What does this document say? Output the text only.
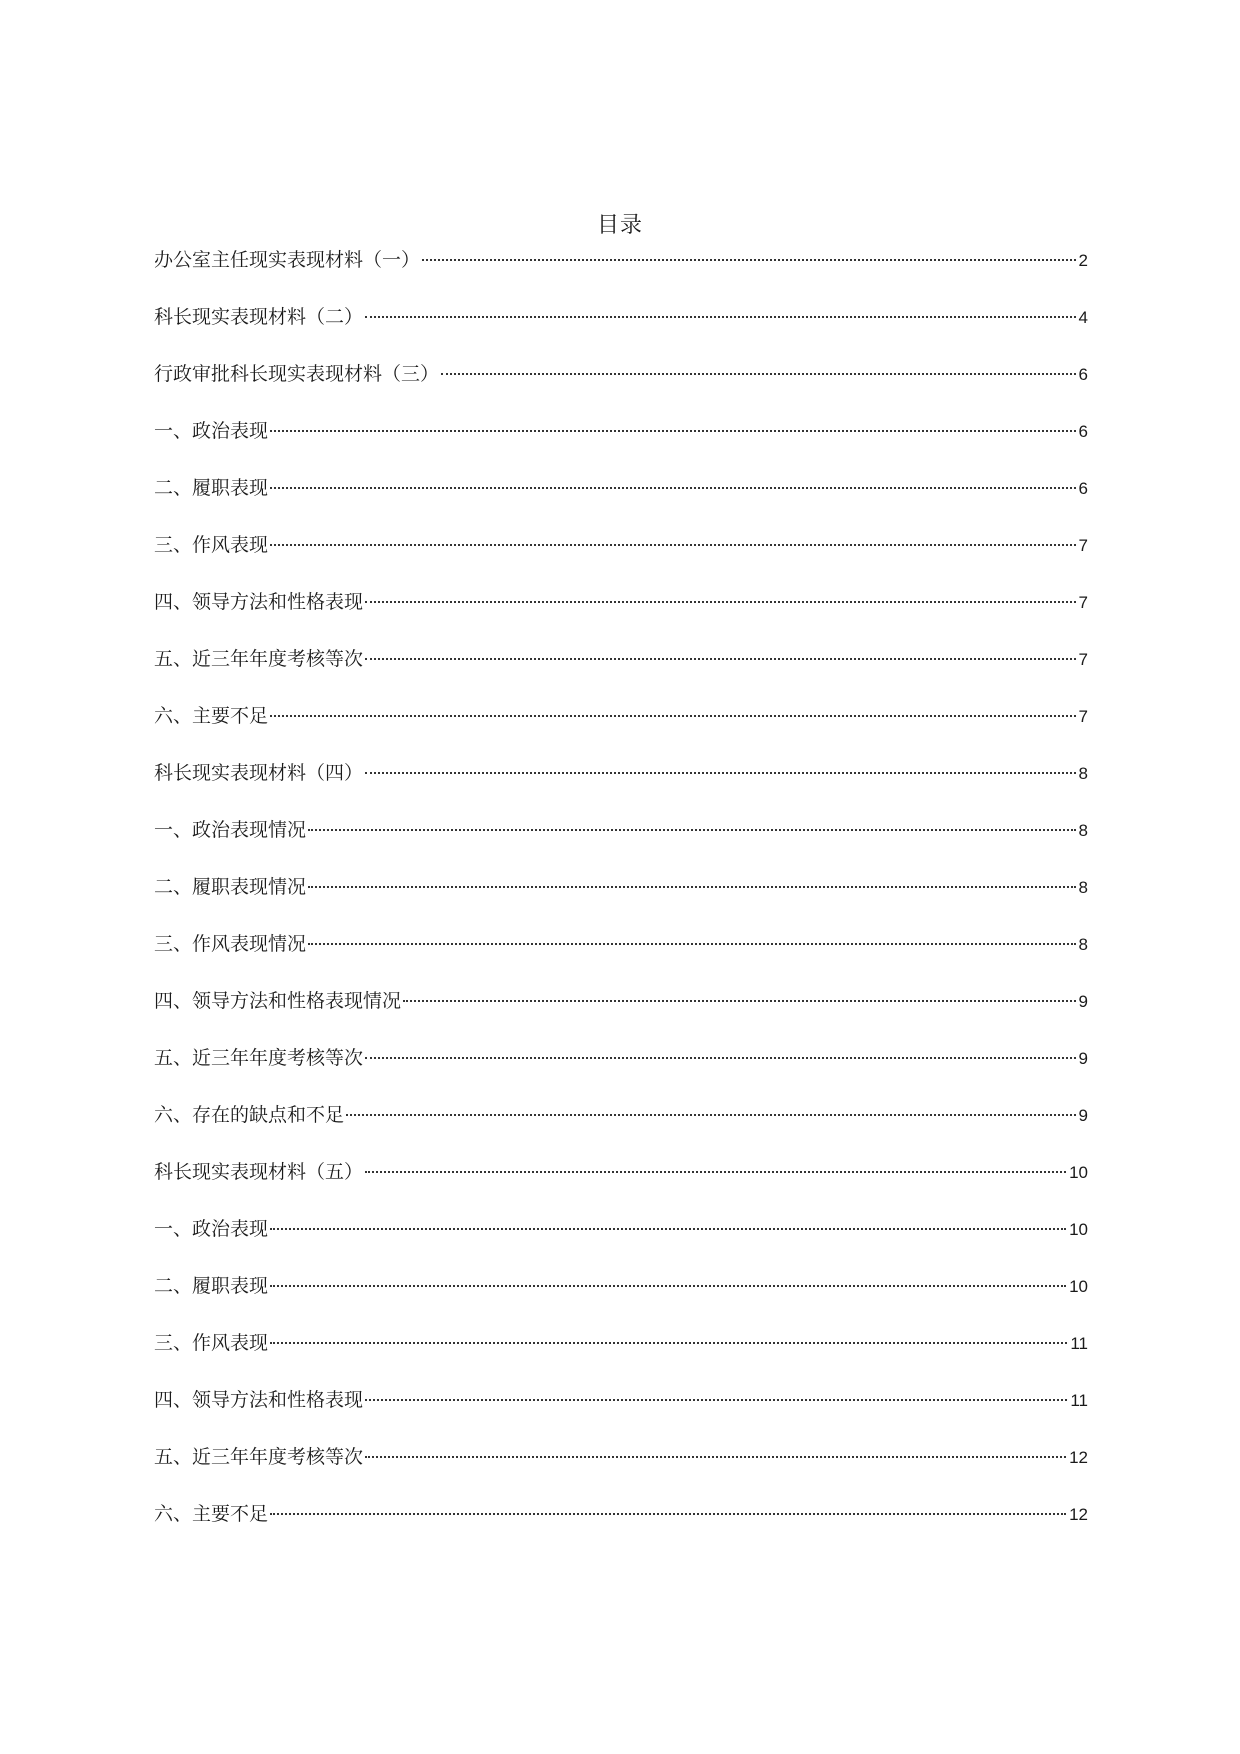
目录
办公室主任现实表现材料（一）	2
科长现实表现材料（二）	4
行政审批科长现实表现材料（三）	6
一、政治表现	6
二、履职表现	6
三、作风表现	7
四、领导方法和性格表现	7
五、近三年年度考核等次	7
六、主要不足	7
科长现实表现材料（四）	8
一、政治表现情况	8
二、履职表现情况	8
三、作风表现情况	8
四、领导方法和性格表现情况	9
五、近三年年度考核等次	9
六、存在的缺点和不足	9
科长现实表现材料（五）	10
一、政治表现	10
二、履职表现	10
三、作风表现	11
四、领导方法和性格表现	11
五、近三年年度考核等次	12
六、主要不足	12
